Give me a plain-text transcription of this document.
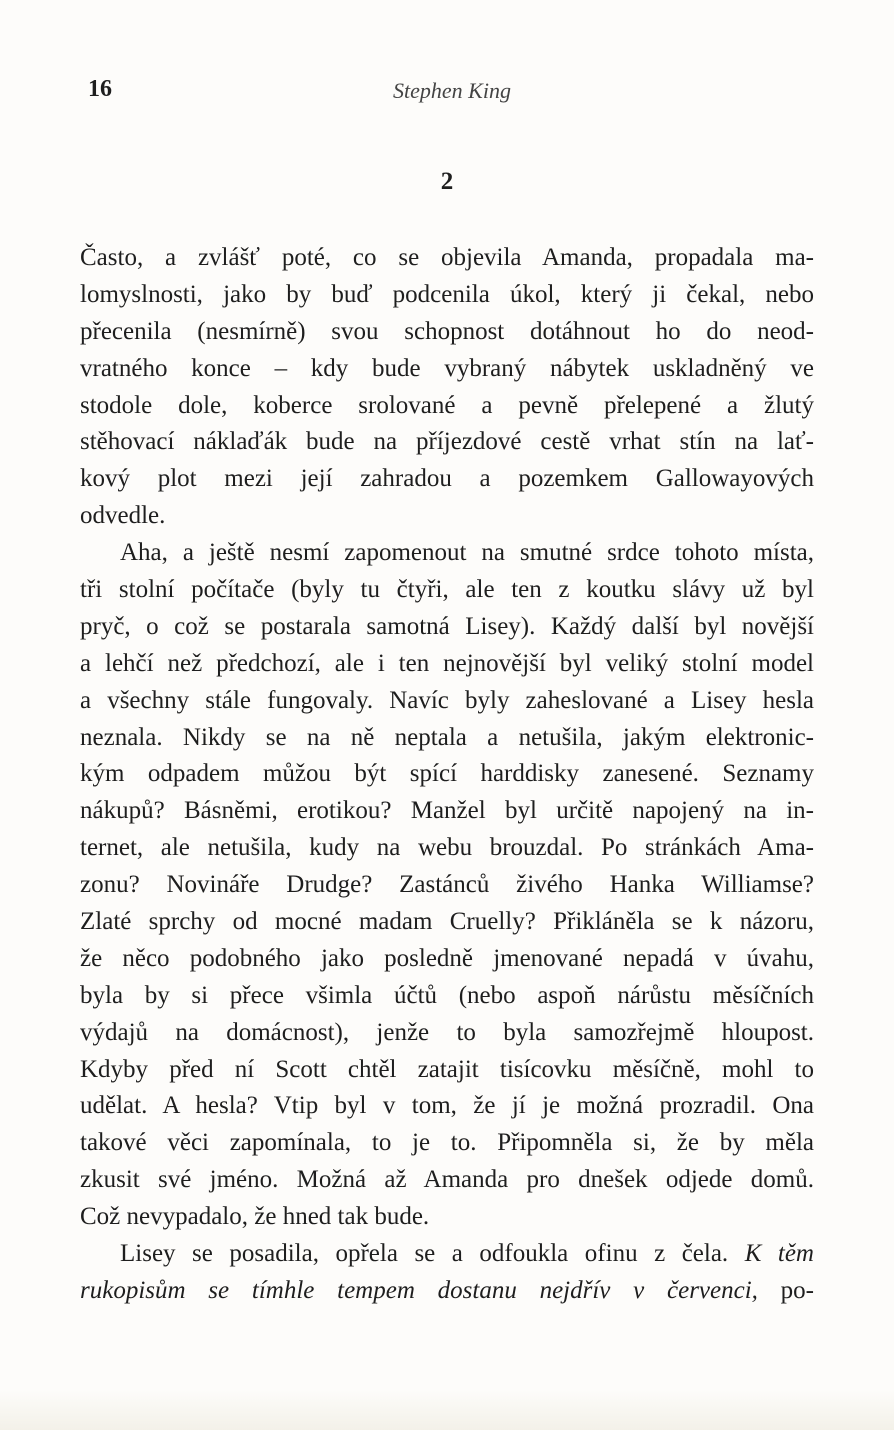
16	Stephen King
2
Často, a zvlášť poté, co se objevila Amanda, propadala ma-
lomyslnosti, jako by buď podcenila úkol, který ji čekal, nebo
přecenila (nesmírně) svou schopnost dotáhnout ho do neod-
vratného konce – kdy bude vybraný nábytek uskladněný ve
stodole dole, koberce srolované a pevně přelepené a žlutý
stěhovací náklaďák bude na příjezdové cestě vrhat stín na lať-
kový plot mezi její zahradou a pozemkem Gallowayových
odvedle.
Aha, a ještě nesmí zapomenout na smutné srdce tohoto místa,
tři stolní počítače (byly tu čtyři, ale ten z koutku slávy už byl
pryč, o což se postarala samotná Lisey). Každý další byl novější
a lehčí než předchozí, ale i ten nejnovější byl veliký stolní model
a všechny stále fungovaly. Navíc byly zaheslované a Lisey hesla
neznala. Nikdy se na ně neptala a netušila, jakým elektronic-
kým odpadem můžou být spící harddisky zanesené. Seznamy
nákupů? Básněmi, erotikou? Manžel byl určitě napojený na in-
ternet, ale netušila, kudy na webu brouzdal. Po stránkách Ama-
zonu? Novináře Drudge? Zastánců živého Hanka Williamse?
Zlaté sprchy od mocné madam Cruelly? Přikláněla se k názoru,
že něco podobného jako posledně jmenované nepadá v úvahu,
byla by si přece všimla účtů (nebo aspoň nárůstu měsíčních
výdajů na domácnost), jenže to byla samozřejmě hloupost.
Kdyby před ní Scott chtěl zatajit tisícovku měsíčně, mohl to
udělat. A hesla? Vtip byl v tom, že jí je možná prozradil. Ona
takové věci zapomínala, to je to. Připomněla si, že by měla
zkusit své jméno. Možná až Amanda pro dnešek odjede domů.
Což nevypadalo, že hned tak bude.
Lisey se posadila, opřela se a odfoukla ofinu z čela. K těm
rukopisům se tímhle tempem dostanu nejdřív v červenci, po-
